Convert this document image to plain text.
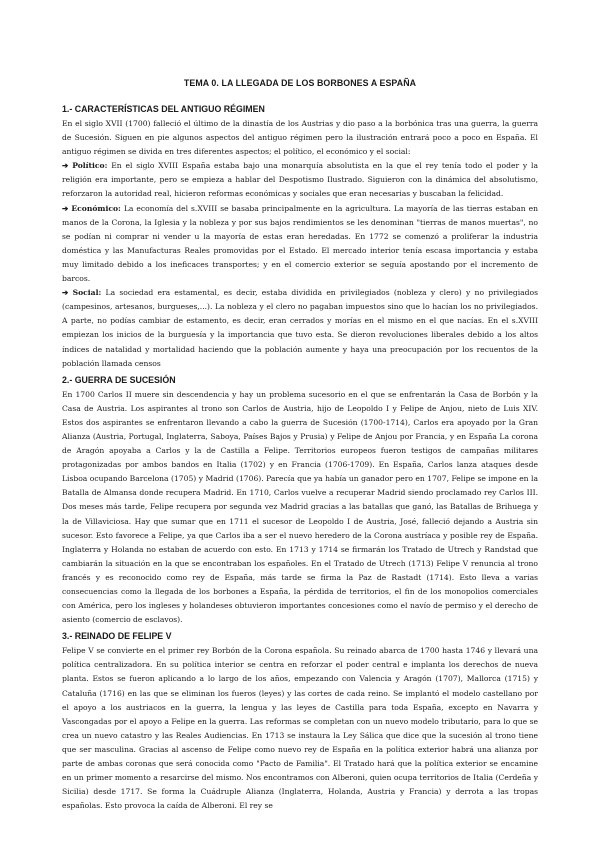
TEMA 0. LA LLEGADA DE LOS BORBONES A ESPAÑA
1.- CARACTERÍSTICAS DEL ANTIGUO RÉGIMEN

En el siglo XVII (1700) falleció el último de la dinastía de los Austrias y dio paso a la borbónica tras una guerra, la guerra de Sucesión. Siguen en pie algunos aspectos del antiguo régimen pero la ilustración entrará poco a poco en España. El antiguo régimen se divida en tres diferentes aspectos; el político, el económico y el social:

➔ Político: En el siglo XVIII España estaba bajo una monarquía absolutista en la que el rey tenía todo el poder y la religión era importante, pero se empieza a hablar del Despotismo Ilustrado. Siguieron con la dinámica del absolutismo, reforzaron la autoridad real, hicieron reformas económicas y sociales que eran necesarias y buscaban la felicidad.

➔ Económico: La economía del s.XVIII se basaba principalmente en la agricultura. La mayoría de las tierras estaban en manos de la Corona, la Iglesia y la nobleza y por sus bajos rendimientos se les denominan "tierras de manos muertas", no se podían ni comprar ni vender u la mayoría de estas eran heredadas. En 1772 se comenzó a proliferar la industria doméstica y las Manufacturas Reales promovidas por el Estado. El mercado interior tenía escasa importancia y estaba muy limitado debido a los ineficaces transportes; y en el comercio exterior se seguía apostando por el incremento de barcos.

➔ Social: La sociedad era estamental, es decir, estaba dividida en privilegiados (nobleza y clero) y no privilegiados (campesinos, artesanos, burgueses,...). La nobleza y el clero no pagaban impuestos sino que lo hacían los no privilegiados. A parte, no podías cambiar de estamento, es decir, eran cerrados y morías en el mismo en el que nacías. En el s.XVIII empiezan los inicios de la burguesía y la importancia que tuvo esta. Se dieron revoluciones liberales debido a los altos índices de natalidad y mortalidad haciendo que la población aumente y haya una preocupación por los recuentos de la población llamada censos

2.- GUERRA DE SUCESIÓN

En 1700 Carlos II muere sin descendencia y hay un problema sucesorio en el que se enfrentarán la Casa de Borbón y la Casa de Austria. Los aspirantes al trono son Carlos de Austria, hijo de Leopoldo I y Felipe de Anjou, nieto de Luis XIV. Estos dos aspirantes se enfrentaron llevando a cabo la guerra de Sucesión (1700-1714), Carlos era apoyado por la Gran Alianza (Austria, Portugal, Inglaterra, Saboya, Países Bajos y Prusia) y Felipe de Anjou por Francia, y en España La corona de Aragón apoyaba a Carlos y la de Castilla a Felipe. Territorios europeos fueron testigos de campañas militares protagonizadas por ambos bandos en Italia (1702) y en Francia (1706-1709). En España, Carlos lanza ataques desde Lisboa ocupando Barcelona (1705) y Madrid (1706). Parecía que ya había un ganador pero en 1707, Felipe se impone en la Batalla de Almansa donde recupera Madrid. En 1710, Carlos vuelve a recuperar Madrid siendo proclamado rey Carlos III. Dos meses más tarde, Felipe recupera por segunda vez Madrid gracias a las batallas que ganó, las Batallas de Brihuega y la de Villaviciosa. Hay que sumar que en 1711 el sucesor de Leopoldo I de Austria, José, falleció dejando a Austria sin sucesor. Esto favorece a Felipe, ya que Carlos iba a ser el nuevo heredero de la Corona austríaca y posible rey de España. Inglaterra y Holanda no estaban de acuerdo con esto. En 1713 y 1714 se firmarán los Tratado de Utrech y Randstad que cambiarán la situación en la que se encontraban los españoles. En el Tratado de Utrech (1713) Felipe V renuncia al trono francés y es reconocido como rey de España, más tarde se firma la Paz de Rastadt (1714). Esto lleva a varias consecuencias como la llegada de los borbones a España, la pérdida de territorios, el fin de los monopolios comerciales con América, pero los ingleses y holandeses obtuvieron importantes concesiones como el navío de permiso y el derecho de asiento (comercio de esclavos).

3.- REINADO DE FELIPE V

Felipe V se convierte en el primer rey Borbón de la Corona española. Su reinado abarca de 1700 hasta 1746 y llevará una política centralizadora. En su política interior se centra en reforzar el poder central e implanta los derechos de nueva planta. Estos se fueron aplicando a lo largo de los años, empezando con Valencia y Aragón (1707), Mallorca (1715) y Cataluña (1716) en las que se eliminan los fueros (leyes) y las cortes de cada reino. Se implantó el modelo castellano por el apoyo a los austriacos en la guerra, la lengua y las leyes de Castilla para toda España, excepto en Navarra y Vascongadas por el apoyo a Felipe en la guerra. Las reformas se completan con un nuevo modelo tributario, para lo que se crea un nuevo catastro y las Reales Audiencias. En 1713 se instaura la Ley Sálica que dice que la sucesión al trono tiene que ser masculina. Gracias al ascenso de Felipe como nuevo rey de España en la política exterior habrá una alianza por parte de ambas coronas que será conocida como "Pacto de Familia". El Tratado hará que la política exterior se encamine en un primer momento a resarcirse del mismo. Nos encontramos con Alberoni, quien ocupa territorios de Italia (Cerdeña y Sicilia) desde 1717. Se forma la Cuádruple Alianza (Inglaterra, Holanda, Austria y Francia) y derrota a las tropas españolas. Esto provoca la caída de Alberoni. El rey se
